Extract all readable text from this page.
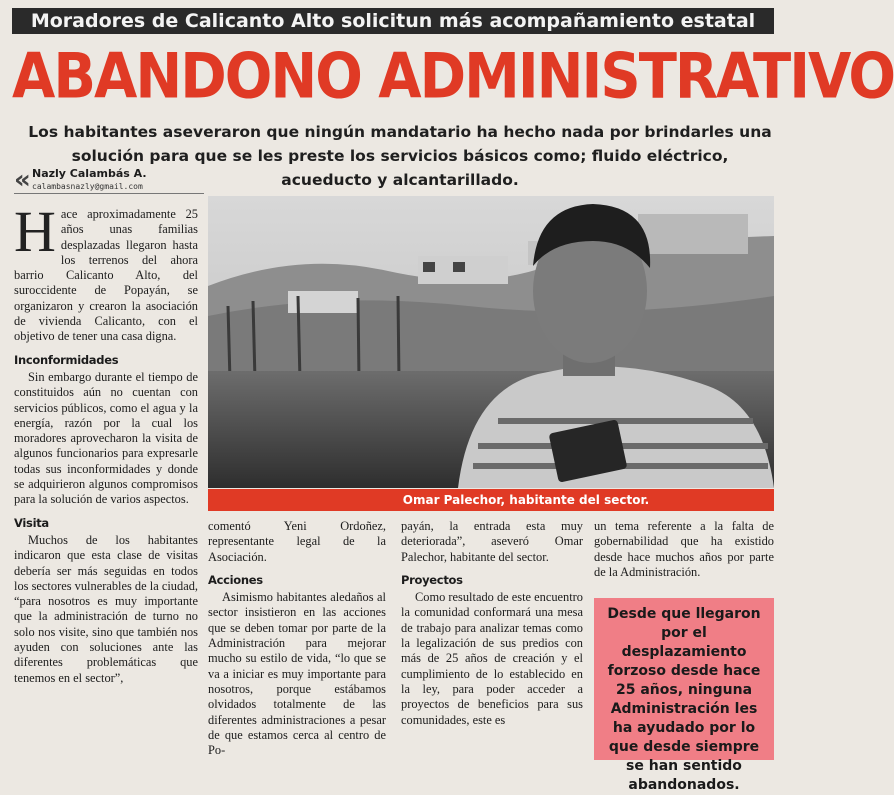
Moradores de Calicanto Alto solicitun más acompañamiento estatal
ABANDONO ADMINISTRATIVO
Los habitantes aseveraron que ningún mandatario ha hecho nada por brindarles una solución para que se les preste los servicios básicos como; fluido eléctrico, acueducto y alcantarillado.
« Nazly Calambás A.
calambasnazly@gmail.com

Hace aproximadamente 25 años unas familias desplazadas llegaron hasta los terrenos del ahora barrio Calicanto Alto, del suroccidente de Popayán, se organizaron y crearon la asociación de vivienda Calicanto, con el objetivo de tener una casa digna.

Inconformidades

Sin embargo durante el tiempo de constituidos aún no cuentan con servicios públicos, como el agua y la energía, razón por la cual los moradores aprovecharon la visita de algunos funcionarios para expresarle todas sus inconformidades y donde se adquirieron algunos compromisos para la solución de varios aspectos.

Visita

Muchos de los habitantes indicaron que esta clase de visitas debería ser más seguidas en todos los sectores vulnerables de la ciudad, “para nosotros es muy importante que la administración de turno no solo nos visite, sino que también nos ayuden con soluciones ante las diferentes problemáticas que tenemos en el sector”,

Omar Palechor, habitante del sector.

comentó Yeni Ordoñez, representante legal de la Asociación.

Acciones

Asimismo habitantes aledaños al sector insistieron en las acciones que se deben tomar por parte de la Administración para mejorar mucho su estilo de vida, “lo que se va a iniciar es muy importante para nosotros, porque estábamos olvidados totalmente de las diferentes administraciones a pesar de que estamos cerca al centro de Po-

payán, la entrada esta muy deteriorada”, aseveró Omar Palechor, habitante del sector.

Proyectos

Como resultado de este encuentro la comunidad conformará una mesa de trabajo para analizar temas como la legalización de sus predios con más de 25 años de creación y el cumplimiento de lo establecido en la ley, para poder acceder a proyectos de beneficios para sus comunidades, este es

un tema referente a la falta de gobernabilidad que ha existido desde hace muchos años por parte de la Administración.

Desde que llegaron por el desplazamiento forzoso desde hace 25 años, ninguna Administración les ha ayudado por lo que desde siempre se han sentido abandonados.
